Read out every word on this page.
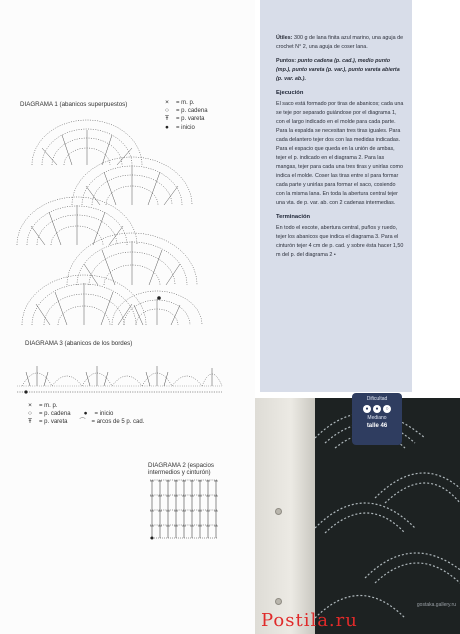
DIAGRAMA 1 (abanicos superpuestos)	×	= m. p.
○	= p. cadena
Ŧ	= p. vareta
●	= inicio
DIAGRAMA 3 (abanicos de los bordes)
×	= m. p.
○	= p. cadena	●	= inicio
Ŧ	= p. vareta ⌒ = arcos de 5 p. cad.
DIAGRAMA 2 (espacios
intermedios y cinturón)
Útiles: 300 g de lana finita azul marino, una aguja de crochet N° 2, una aguja de coser lana.
Puntos: punto cadena (p. cad.), medio punto (mp.), punto vareta (p. var.), punto vareta abierta (p. var. ab.).
Ejecución
El saco está formado por tiras de abanicos; cada una se teje por separado guiándose por el diagrama 1, con el largo indicado en el molde para cada parte. Para la espalda se necesitan tres tiras iguales. Para cada delantero tejer dos con las medidas indicadas. Para el espacio que queda en la unión de ambas, tejer el p. indicado en el diagrama 2. Para las mangas, tejer para cada una tres tiras y unirlas como indica el molde. Coser las tiras entre sí para formar cada parte y unirlas para formar el saco, cosiendo con la misma lana. En toda la abertura central tejer una vta. de p. var. ab. con 2 cadenas intermedias.
Terminación
En todo el escote, abertura central, puños y ruedo, tejer los abanicos que indica el diagrama 3. Para el cinturón tejer 4 cm de p. cad. y sobre ésta hacer 1,50 m del p. del diagrama 2 •
Dificultad
●	●	○
Mediano
talle 46
gostaka.gallery.ru
Postila.ru
